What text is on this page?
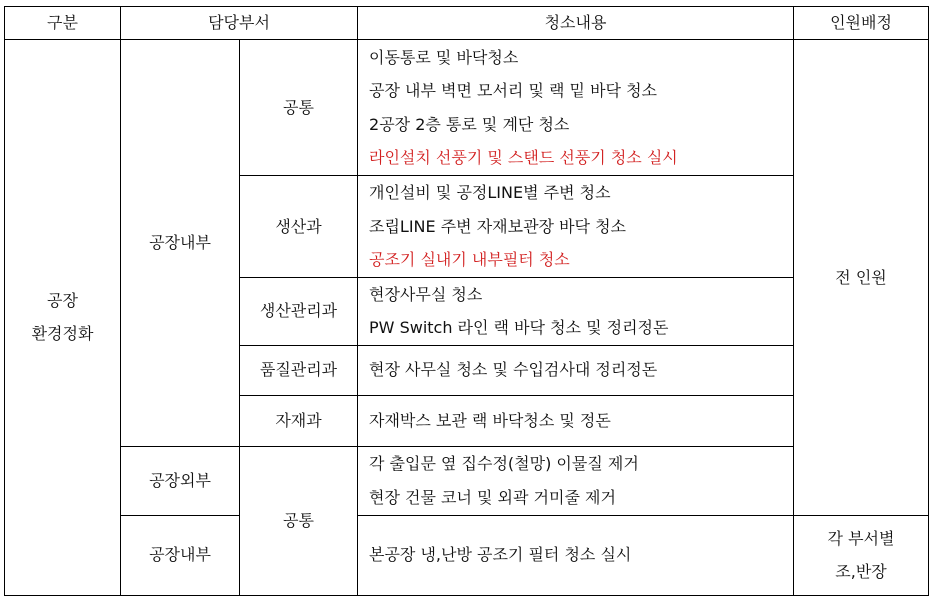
구분	담당부서		청소내용	인원배정

공장
환경정화	공장내부	공통	이동통로 및 바닥청소
공장 내부 벽면 모서리 및 랙 밑 바닥 청소
2공장 2층 통로 및 계단 청소
라인설치 선풍기 및 스탠드 선풍기 청소 실시	전 인원
		생산과	개인설비 및 공정LINE별 주변 청소
조립LINE 주변 자재보관장 바닥 청소
공조기 실내기 내부필터 청소	

		생산관리과	현장사무실 청소
PW Switch 라인 랙 바닥 청소 및 정리정돈	

		품질관리과	현장 사무실 청소 및 수입검사대 정리정돈	
		자재과	자재박스 보관 랙 바닥청소 및 정돈	
	공장외부	공통	각 출입문 옆 집수정(철망) 이물질 제거
현장 건물 코너 및 외곽 거미줄 제거	

	공장내부		본공장 냉,난방 공조기 필터 청소 실시	각 부서별
조,반장
